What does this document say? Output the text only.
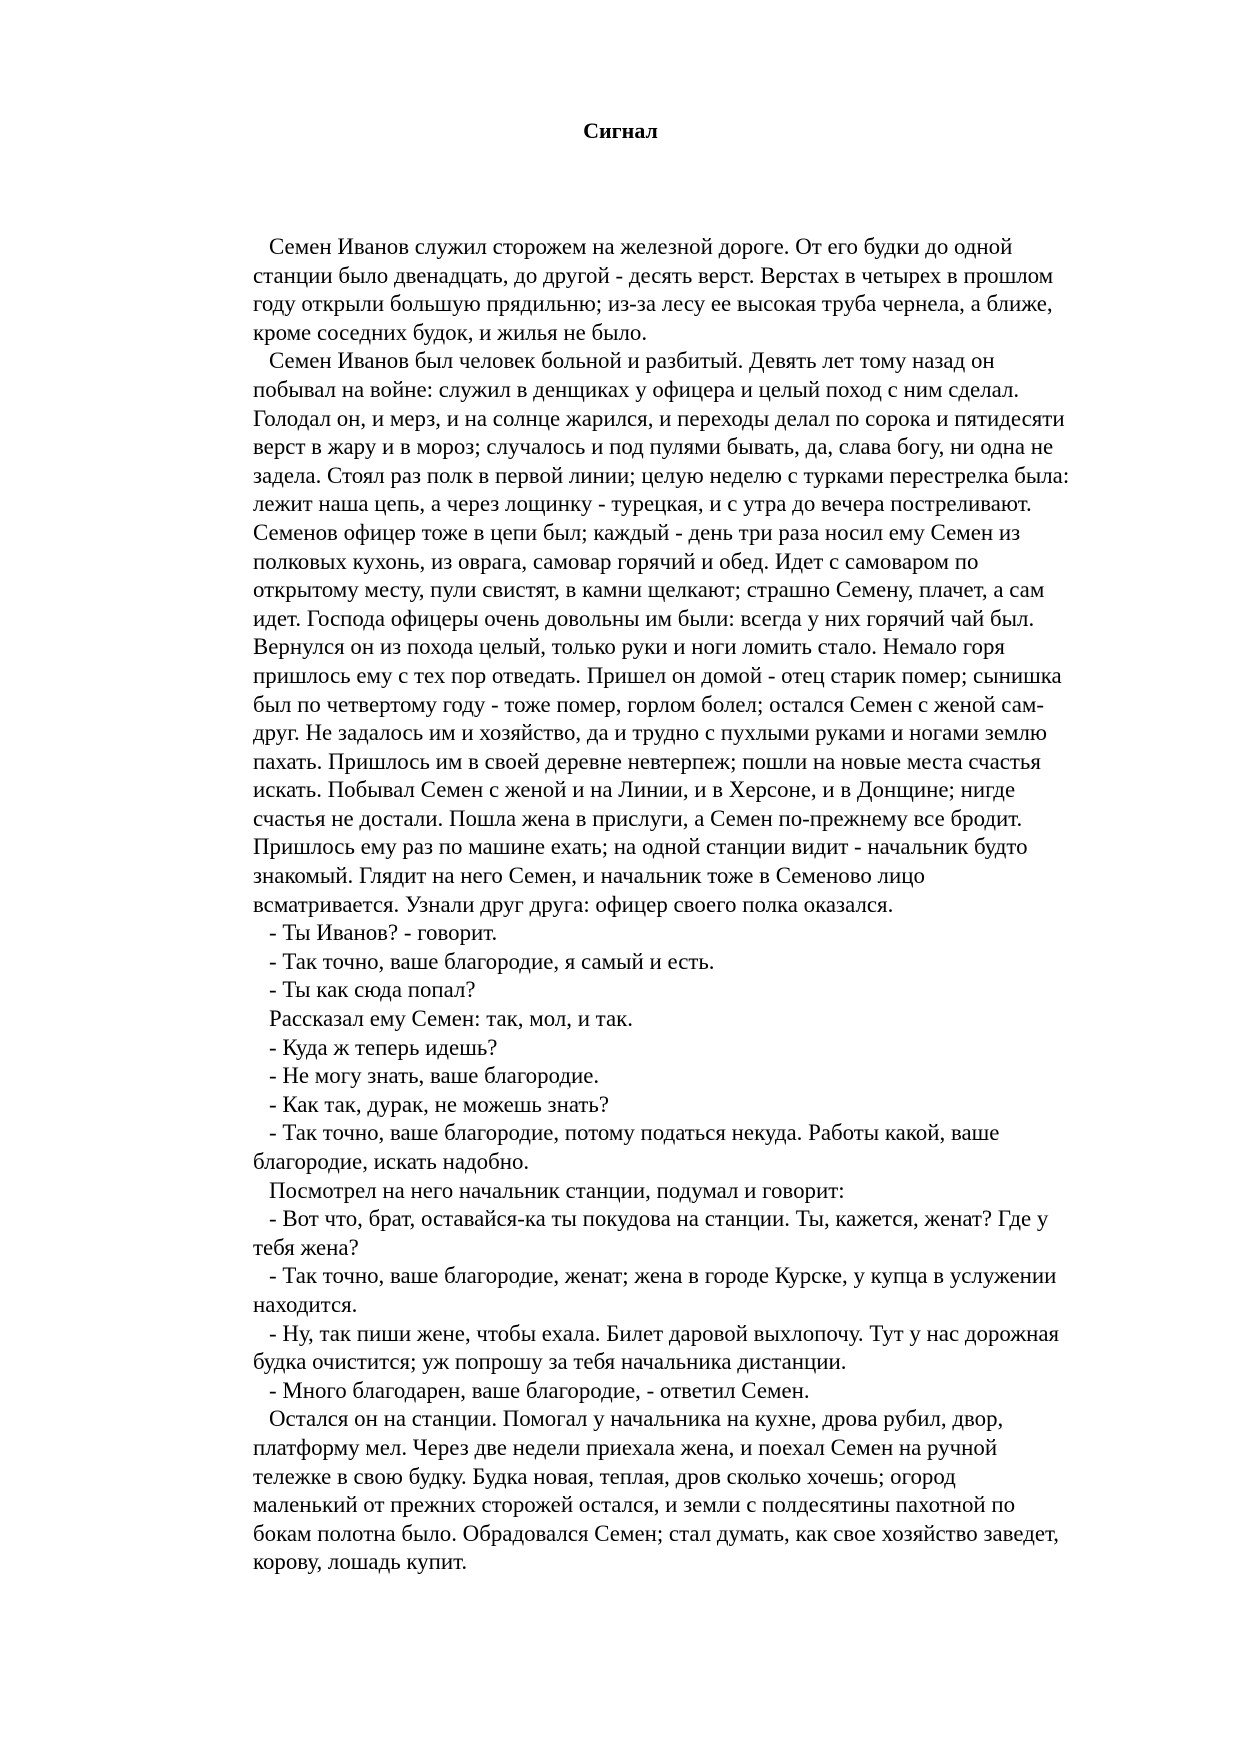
Сигнал
Семен Иванов служил сторожем на железной дороге. От его будки до одной
станции было двенадцать, до другой - десять верст. Верстах в четырех в прошлом
году открыли большую прядильню; из-за лесу ее высокая труба чернела, а ближе,
кроме соседних будок, и жилья не было.
Семен Иванов был человек больной и разбитый. Девять лет тому назад он
побывал на войне: служил в денщиках у офицера и целый поход с ним сделал.
Голодал он, и мерз, и на солнце жарился, и переходы делал по сорока и пятидесяти
верст в жару и в мороз; случалось и под пулями бывать, да, слава богу, ни одна не
задела. Стоял раз полк в первой линии; целую неделю с турками перестрелка была:
лежит наша цепь, а через лощинку - турецкая, и с утра до вечера постреливают.
Семенов офицер тоже в цепи был; каждый - день три раза носил ему Семен из
полковых кухонь, из оврага, самовар горячий и обед. Идет с самоваром по
открытому месту, пули свистят, в камни щелкают; страшно Семену, плачет, а сам
идет. Господа офицеры очень довольны им были: всегда у них горячий чай был.
Вернулся он из похода целый, только руки и ноги ломить стало. Немало горя
пришлось ему с тех пор отведать. Пришел он домой - отец старик помер; сынишка
был по четвертому году - тоже помер, горлом болел; остался Семен с женой сам-
друг. Не задалось им и хозяйство, да и трудно с пухлыми руками и ногами землю
пахать. Пришлось им в своей деревне невтерпеж; пошли на новые места счастья
искать. Побывал Семен с женой и на Линии, и в Херсоне, и в Донщине; нигде
счастья не достали. Пошла жена в прислуги, а Семен по-прежнему все бродит.
Пришлось ему раз по машине ехать; на одной станции видит - начальник будто
знакомый. Глядит на него Семен, и начальник тоже в Семеново лицо
всматривается. Узнали друг друга: офицер своего полка оказался.
- Ты Иванов? - говорит.
- Так точно, ваше благородие, я самый и есть.
- Ты как сюда попал?
Рассказал ему Семен: так, мол, и так.
- Куда ж теперь идешь?
- Не могу знать, ваше благородие.
- Как так, дурак, не можешь знать?
- Так точно, ваше благородие, потому податься некуда. Работы какой, ваше
благородие, искать надобно.
Посмотрел на него начальник станции, подумал и говорит:
- Вот что, брат, оставайся-ка ты покудова на станции. Ты, кажется, женат? Где у
тебя жена?
- Так точно, ваше благородие, женат; жена в городе Курске, у купца в услужении
находится.
- Ну, так пиши жене, чтобы ехала. Билет даровой выхлопочу. Тут у нас дорожная
будка очистится; уж попрошу за тебя начальника дистанции.
- Много благодарен, ваше благородие, - ответил Семен.
Остался он на станции. Помогал у начальника на кухне, дрова рубил, двор,
платформу мел. Через две недели приехала жена, и поехал Семен на ручной
тележке в свою будку. Будка новая, теплая, дров сколько хочешь; огород
маленький от прежних сторожей остался, и земли с полдесятины пахотной по
бокам полотна было. Обрадовался Семен; стал думать, как свое хозяйство заведет,
корову, лошадь купит.
